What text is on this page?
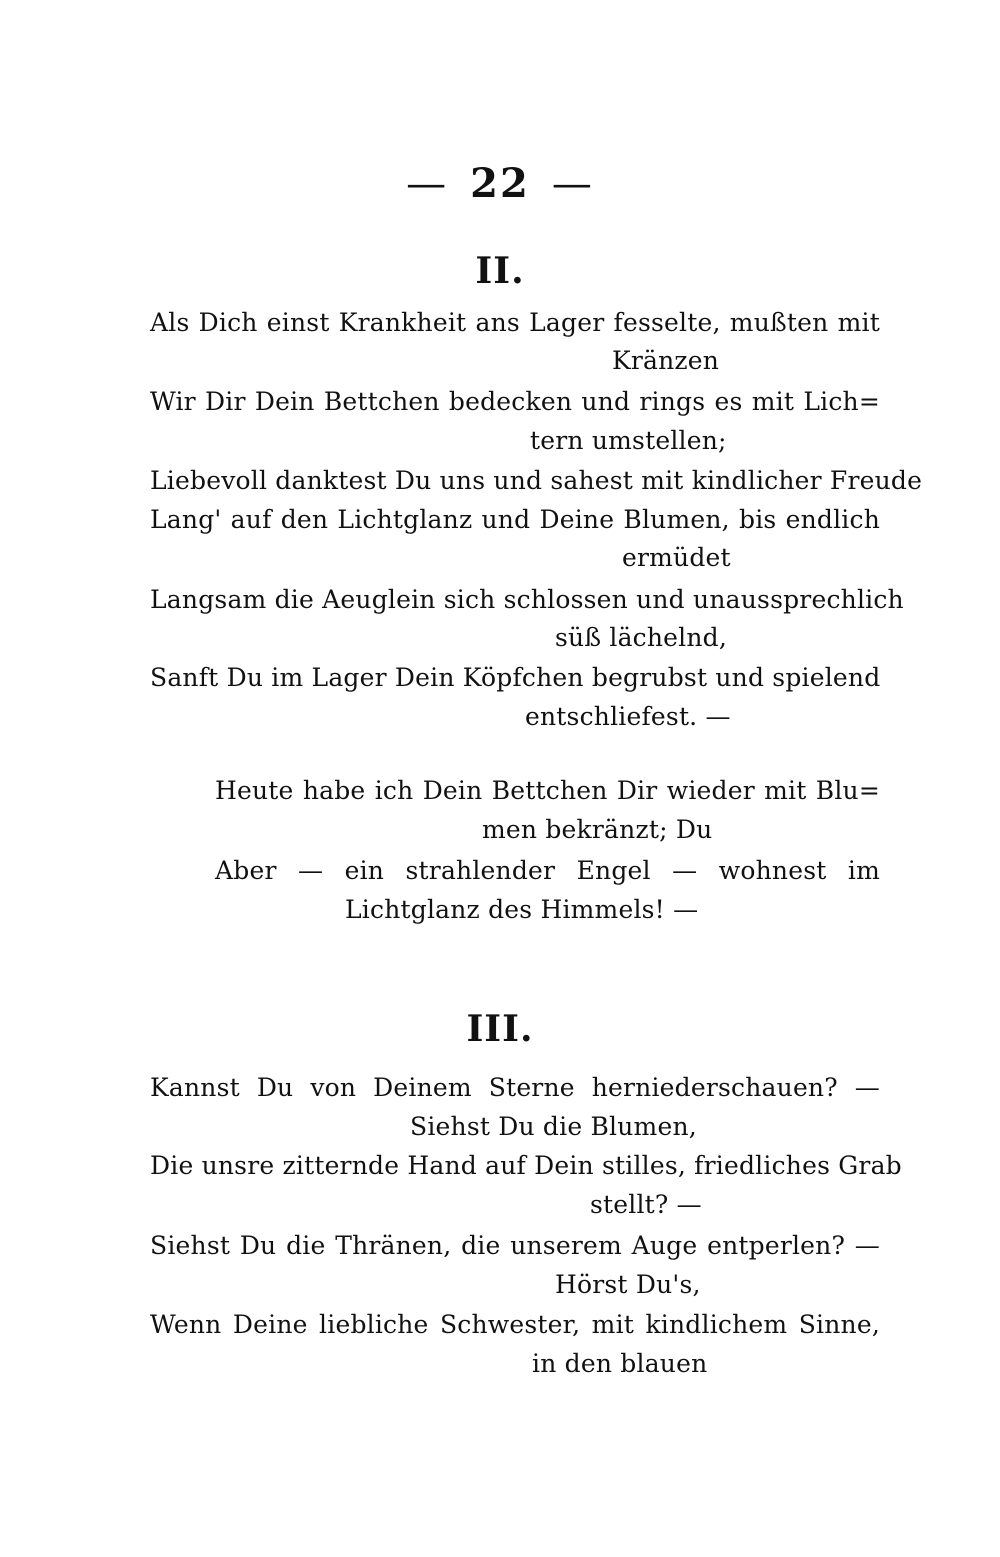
— 22 —
II.
Als Dich einst Krankheit ans Lager fesselte, mußten mit
Kränzen
Wir Dir Dein Bettchen bedecken und rings es mit Lich=
tern umstellen;
Liebevoll danktest Du uns und sahest mit kindlicher Freude
Lang' auf den Lichtglanz und Deine Blumen, bis endlich
ermüdet
Langsam die Aeuglein sich schlossen und unaussprechlich
süß lächelnd,
Sanft Du im Lager Dein Köpfchen begrubst und spielend
entschliefest. —
Heute habe ich Dein Bettchen Dir wieder mit Blu=
men bekränzt; Du
Aber — ein strahlender Engel — wohnest im
Lichtglanz des Himmels! —
III.
Kannst Du von Deinem Sterne herniederschauen? —
Siehst Du die Blumen,
Die unsre zitternde Hand auf Dein stilles, friedliches Grab
stellt? —
Siehst Du die Thränen, die unserem Auge entperlen? —
Hörst Du's,
Wenn Deine liebliche Schwester, mit kindlichem Sinne,
in den blauen
